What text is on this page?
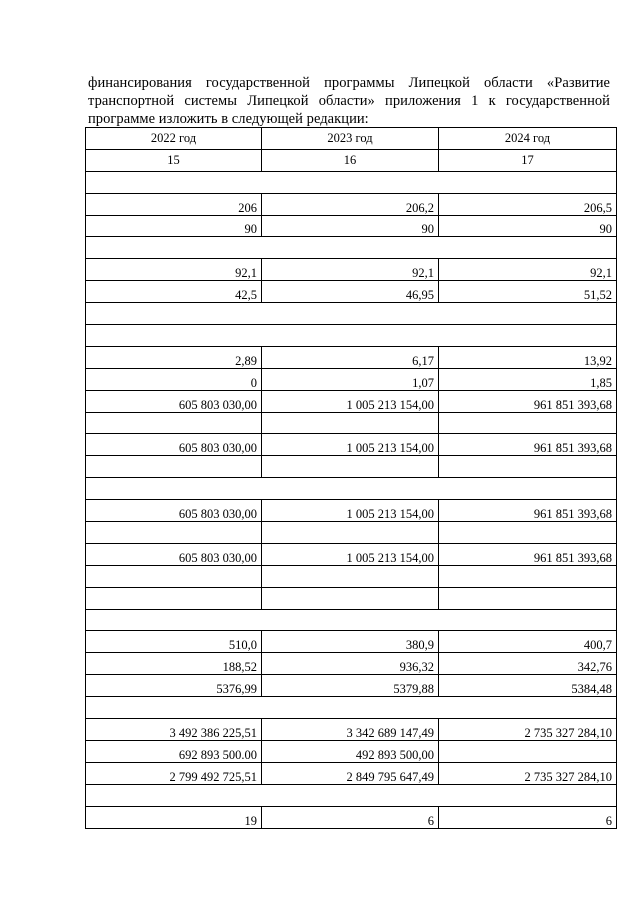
финансирования государственной программы Липецкой области «Развитие транспортной системы Липецкой области» приложения 1 к государственной программе изложить в следующей редакции:

2022 год	2023 год	2024 год
15	16	17

206	206,2	206,5
90	90	90

92,1	92,1	92,1
42,5	46,95	51,52

2,89	6,17	13,92
0	1,07	1,85
605 803 030,00	1 005 213 154,00	961 851 393,68

605 803 030,00	1 005 213 154,00	961 851 393,68

605 803 030,00	1 005 213 154,00	961 851 393,68

605 803 030,00	1 005 213 154,00	961 851 393,68

510,0	380,9	400,7
188,52	936,32	342,76
5376,99	5379,88	5384,48

3 492 386 225,51	3 342 689 147,49	2 735 327 284,10
692 893 500.00	492 893 500,00	
2 799 492 725,51	2 849 795 647,49	2 735 327 284,10

19	6	6
